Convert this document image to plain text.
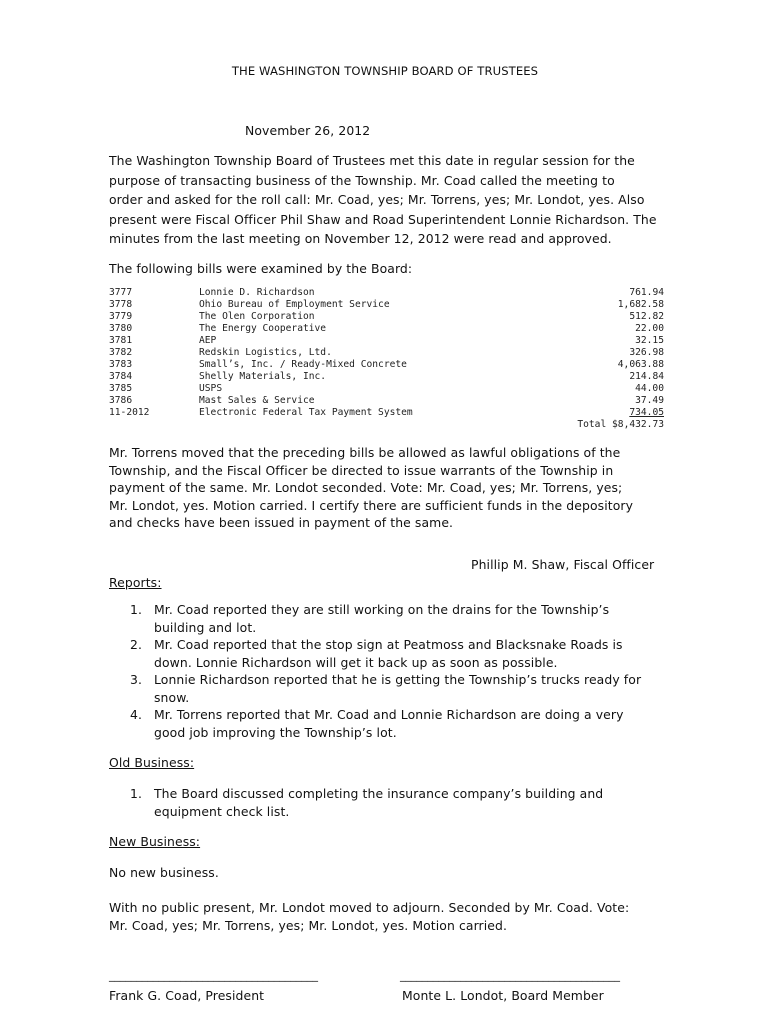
THE WASHINGTON TOWNSHIP BOARD OF TRUSTEES
November 26, 2012
The Washington Township Board of Trustees met this date in regular session for the
purpose of transacting business of the Township. Mr. Coad called the meeting to
order and asked for the roll call: Mr. Coad, yes; Mr. Torrens, yes; Mr. Londot, yes. Also
present were Fiscal Officer Phil Shaw and Road Superintendent Lonnie Richardson. The
minutes from the last meeting on November 12, 2012 were read and approved.
The following bills were examined by the Board:
3777	Lonnie D. Richardson	761.94
3778	Ohio Bureau of Employment Service	1,682.58
3779	The Olen Corporation	512.82
3780	The Energy Cooperative	22.00
3781	AEP	32.15
3782	Redskin Logistics, Ltd.	326.98
3783	Small’s, Inc. / Ready-Mixed Concrete	4,063.88
3784	Shelly Materials, Inc.	214.84
3785	USPS	44.00
3786	Mast Sales & Service	37.49
11-2012	Electronic Federal Tax Payment System	734.05
Total $8,432.73
Mr. Torrens moved that the preceding bills be allowed as lawful obligations of the
Township, and the Fiscal Officer be directed to issue warrants of the Township in
payment of the same. Mr. Londot seconded. Vote: Mr. Coad, yes; Mr. Torrens, yes;
Mr. Londot, yes. Motion carried. I certify there are sufficient funds in the depository
and checks have been issued in payment of the same.
Phillip M. Shaw, Fiscal Officer
Reports:
1. Mr. Coad reported they are still working on the drains for the Township’s
building and lot.
2. Mr. Coad reported that the stop sign at Peatmoss and Blacksnake Roads is
down. Lonnie Richardson will get it back up as soon as possible.
3. Lonnie Richardson reported that he is getting the Township’s trucks ready for
snow.
4. Mr. Torrens reported that Mr. Coad and Lonnie Richardson are doing a very
good job improving the Township’s lot.
Old Business:
1. The Board discussed completing the insurance company’s building and
equipment check list.
New Business:
No new business.
With no public present, Mr. Londot moved to adjourn. Seconded by Mr. Coad. Vote:
Mr. Coad, yes; Mr. Torrens, yes; Mr. Londot, yes. Motion carried.
______________________________________	________________________________________
Frank G. Coad, President	Monte L. Londot, Board Member
